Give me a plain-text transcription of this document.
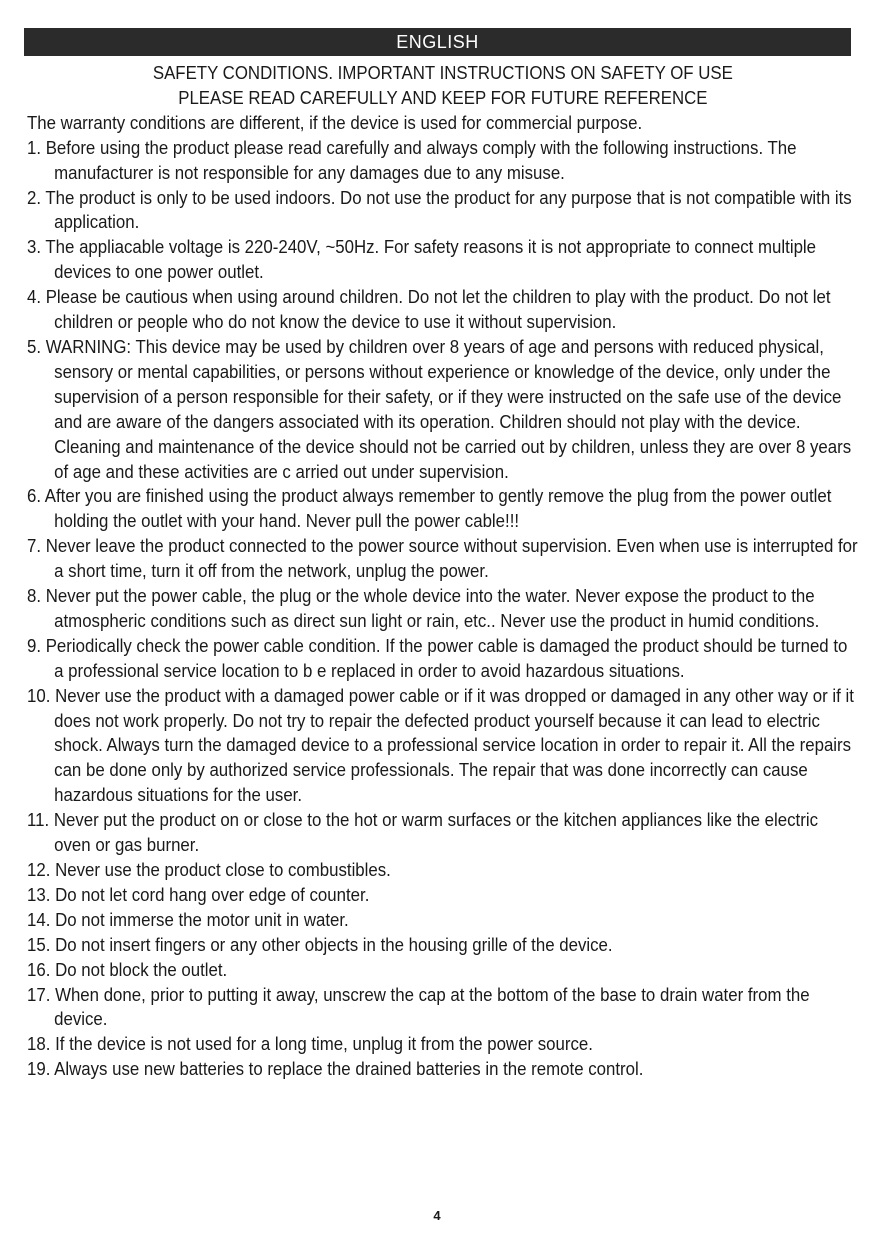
ENGLISH

SAFETY CONDITIONS. IMPORTANT INSTRUCTIONS ON SAFETY OF USE

PLEASE READ CAREFULLY AND KEEP FOR FUTURE REFERENCE

The warranty conditions are different, if the device is used for commercial purpose.

1. Before using the product please read carefully and always comply with the following instructions. The manufacturer is not responsible for any damages due to any misuse.
2. The product is only to be used indoors. Do not use the product for any purpose that is not compatible with its application.
3. The appliacable voltage is 220-240V, ~50Hz. For safety reasons it is not appropriate to connect multiple devices to one power outlet.
4. Please be cautious when using around children. Do not let the children to play with the product. Do not let children or people who do not know the device to use it without supervision.
5. WARNING: This device may be used by children over 8 years of age and persons with reduced physical, sensory or mental capabilities, or persons without experience or knowledge of the device, only under the supervision of a person responsible for their safety, or if they were instructed on the safe use of the device and are aware of the dangers associated with its operation. Children should not play with the device. Cleaning and maintenance of the device should not be carried out by children, unless they are over 8 years of age and these activities are c arried out under supervision.
6. After you are finished using the product always remember to gently remove the plug from the power outlet holding the outlet with your hand. Never pull the power cable!!!
7. Never leave the product connected to the power source without supervision. Even when use is interrupted for a short time, turn it off from the network, unplug the power.
8. Never put the power cable, the plug or the whole device into the water. Never expose the product to the atmospheric conditions such as direct sun light or rain, etc.. Never use the product in humid conditions.
9. Periodically check the power cable condition. If the power cable is damaged the product should be turned to a professional service location to b e replaced in order to avoid hazardous situations.
10. Never use the product with a damaged power cable or if it was dropped or damaged in any other way or if it does not work properly. Do not try to repair the defected product yourself because it can lead to electric shock. Always turn the damaged device to a professional service location in order to repair it. All the repairs can be done only by authorized service professionals. The repair that was done incorrectly can cause hazardous situations for the user.
11. Never put the product on or close to the hot or warm surfaces or the kitchen appliances like the electric oven or gas burner.
12. Never use the product close to combustibles.
13. Do not let cord hang over edge of counter.
14. Do not immerse the motor unit in water.
15. Do not insert fingers or any other objects in the housing grille of the device.
16. Do not block the outlet.
17. When done, prior to putting it away, unscrew the cap at the bottom of the base to drain water from the device.
18. If the device is not used for a long time, unplug it from the power source.
19. Always use new batteries to replace the drained batteries in the remote control.
4
